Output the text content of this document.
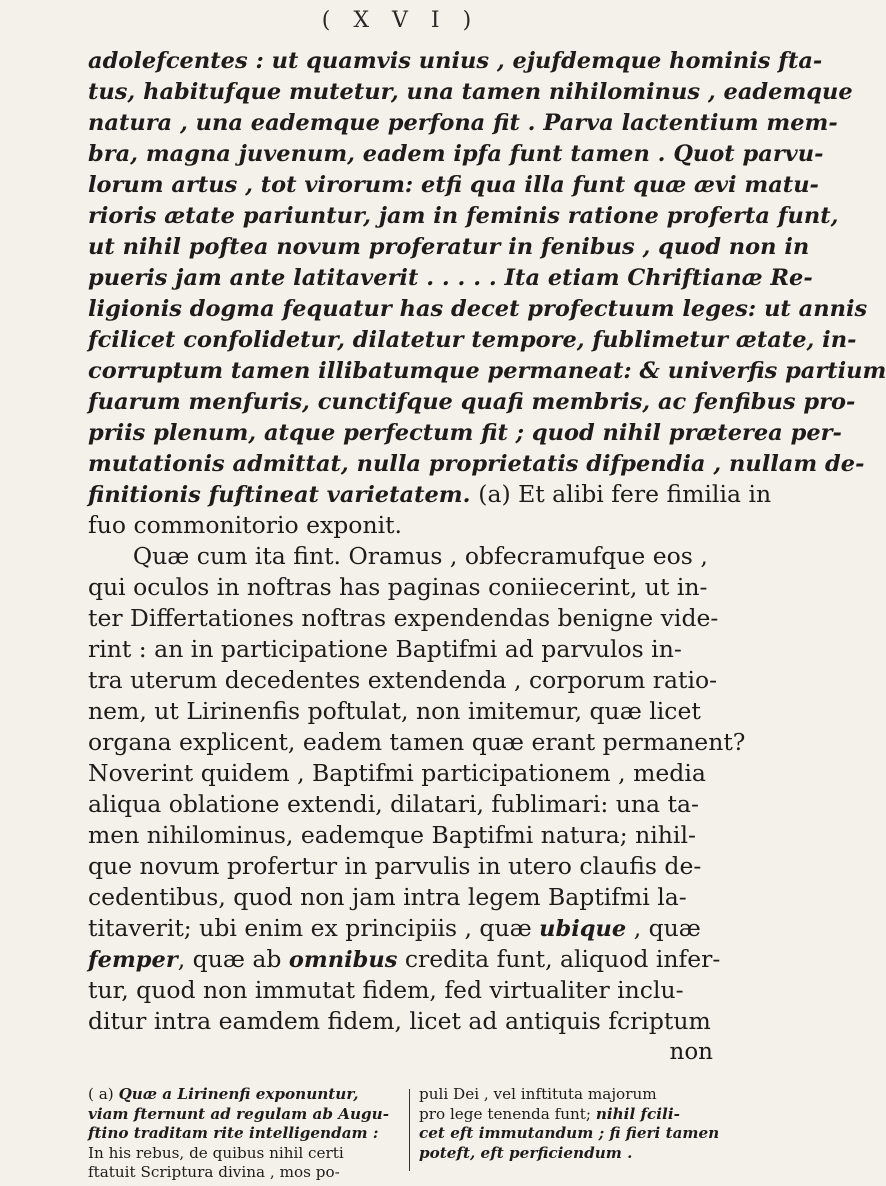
( X V I )
adolefcentes : ut quamvis unius , ejufdemque hominis fta-
tus, habitufque mutetur, una tamen nihilominus , eademque
natura , una eademque perfona fit . Parva lactentium mem-
bra, magna juvenum, eadem ipfa funt tamen . Quot parvu-
lorum artus , tot virorum: etfi qua illa funt quæ ævi matu-
rioris ætate pariuntur, jam in feminis ratione proferta funt,
ut nihil poftea novum proferatur in fenibus , quod non in
pueris jam ante latitaverit . . . . . Ita etiam Chriftianæ Re-
ligionis dogma fequatur has decet profectuum leges: ut annis
fcilicet confolidetur, dilatetur tempore, fublimetur ætate, in-
corruptum tamen illibatumque permaneat: & univerfis partium
fuarum menfuris, cunctifque quafi membris, ac fenfibus pro-
priis plenum, atque perfectum fit ; quod nihil præterea per-
mutationis admittat, nulla proprietatis difpendia , nullam de-
finitionis fuftineat varietatem. (a) Et alibi fere fimilia in
fuo commonitorio exponit.
Quæ cum ita fint. Oramus , obfecramufque eos ,
qui oculos in noftras has paginas coniiecerint, ut in-
ter Differtationes noftras expendendas benigne vide-
rint : an in participatione Baptifmi ad parvulos in-
tra uterum decedentes extendenda , corporum ratio-
nem, ut Lirinenfis poftulat, non imitemur, quæ licet
organa explicent, eadem tamen quæ erant permanent?
Noverint quidem , Baptifmi participationem , media
aliqua oblatione extendi, dilatari, fublimari: una ta-
men nihilominus, eademque Baptifmi natura; nihil-
que novum profertur in parvulis in utero claufis de-
cedentibus, quod non jam intra legem Baptifmi la-
titaverit; ubi enim ex principiis , quæ ubique , quæ
femper, quæ ab omnibus credita funt, aliquod infer-
tur, quod non immutat fidem, fed virtualiter inclu-
ditur intra eamdem fidem, licet ad antiquis fcriptum
non
( a) Quæ a Lirinenfi exponuntur,
viam fternunt ad regulam ab Augu-
ftino traditam rite intelligendam :
In his rebus, de quibus nihil certi
ftatuit Scriptura divina , mos po-
puli Dei , vel inftituta majorum
pro lege tenenda funt; nihil fcili-
cet eft immutandum ; fi fieri tamen
poteft, eft perficiendum .
